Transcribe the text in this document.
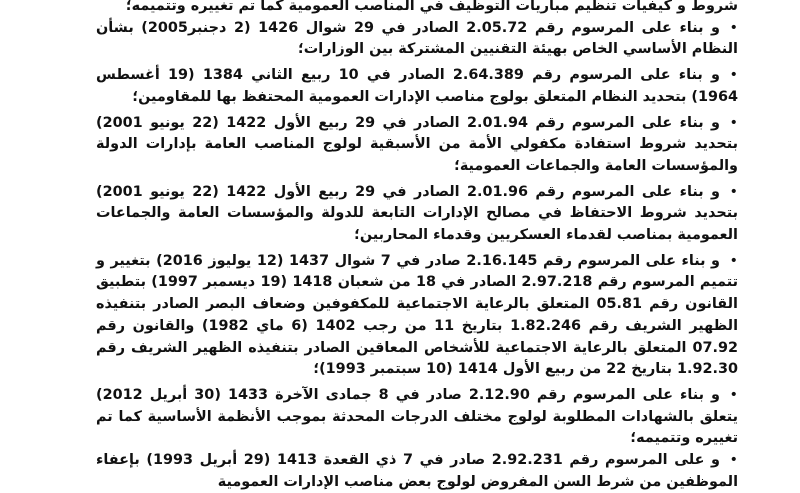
شروط و كيفيات تنظيم مباريات التوظيف في المناصب العمومية كما تم تغييره وتتميمه؛

•و بناء على المرسوم رقم 2.05.72 الصادر في 29 شوال 1426 (2 دجنبر2005) بشأن النظام الأساسي الخاص بهيئة التقنيين المشتركة بين الوزارات؛

•و بناء على المرسوم رقم 2.64.389 الصادر في 10 ربيع الثاني 1384 (19 أغسطس 1964) بتحديد النظام المتعلق بولوج مناصب الإدارات العمومية المحتفظ بها للمقاومين؛

•و بناء على المرسوم رقم 2.01.94 الصادر في 29 ربيع الأول 1422 (22 يونيو 2001) بتحديد شروط استفادة مكفولي الأمة من الأسبقية لولوج المناصب العامة بإدارات الدولة والمؤسسات العامة والجماعات العمومية؛

•و بناء على المرسوم رقم 2.01.96 الصادر في 29 ربيع الأول 1422 (22 يونيو 2001) بتحديد شروط الاحتفاظ في مصالح الإدارات التابعة للدولة والمؤسسات العامة والجماعات العمومية بمناصب لقدماء العسكريين وقدماء المحاربين؛

•و بناء على المرسوم رقم 2.16.145 صادر في 7 شوال 1437 (12 يوليوز 2016) بتغيير و تتميم المرسوم رقم 2.97.218 الصادر في 18 من شعبان 1418 (19 ديسمبر 1997) بتطبيق القانون رقم 05.81 المتعلق بالرعاية الاجتماعية للمكفوفين وضعاف البصر الصادر بتنفيذه الظهير الشريف رقم 1.82.246 بتاريخ 11 من رجب 1402 (6 ماي 1982) والقانون رقم 07.92 المتعلق بالرعاية الاجتماعية للأشخاص المعاقين الصادر بتنفيذه الظهير الشريف رقم 1.92.30 بتاريخ 22 من ربيع الأول 1414 (10 سبتمبر 1993)؛

•و بناء على المرسوم رقم 2.12.90 صادر في 8 جمادى الآخرة 1433 (30 أبريل 2012) يتعلق بالشهادات المطلوبة لولوج مختلف الدرجات المحدثة بموجب الأنظمة الأساسية كما تم تغييره وتتميمه؛

•و على المرسوم رقم 2.92.231 صادر في 7 ذي القعدة 1413 (29 أبريل 1993) بإعفاء الموظفين من شرط السن المفروض لولوج بعض مناصب الإدارات العمومية
